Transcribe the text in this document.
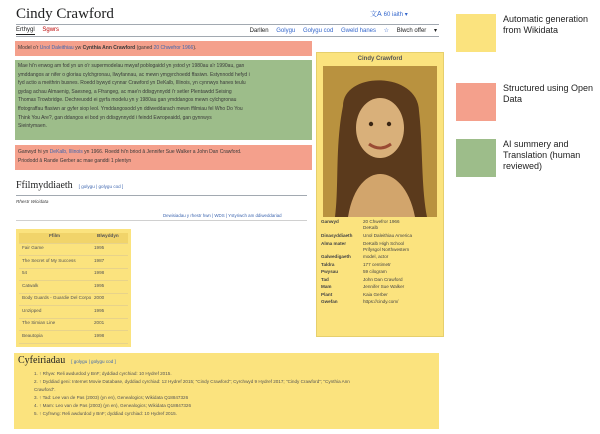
Cindy Crawford	文A 60 iaith ▾
Erthygl Sgwrs	Darllen Golygu Golygu cod Gweld hanes ☆ Blwch offer ▾
Model o'r Unol Daleithiau yw Cynthia Ann Crawford (ganed 20 Chwefror 1966).
Mae hi'n enwog am fod yn un o'r supermodelau mwyaf poblogaidd yn ystod yr 1980au a'r 1990au, gan
ymddangos ar nifer o gloriau cylchgronau, llwyfannau, ac mewn ymgyrchoedd ffasiwn. Estynnodd hefyd i
fyd actio a meithrin busnes. Roedd bywyd cynnar Crawford yn DeKalb, Illinois, yn cynnwys hanes teulu
gydag achau Almaenig, Saesneg, a Ffrangeg, ac mae'n ddisgynnydd i'r setler Plentawdd Seising
Thomas Trowbridge. Dechreuodd ei gyrfa modelu yn y 1980au gan ymddangos mewn cylchgronau
ffotograffau ffasiwn ar gyfer siop leol. Ymddangosodd yn ddiweddarach mewn ffilmiau fel Who Do You
Think You Are?, gan ddangos ei bod yn ddisgynnydd i feindd Ewropeaidd, gan gynnwys
Sieintymaen.
Ganwyd hi yn DeKalb, Illinois yn 1966. Roedd hi'n briod â Jennifer Sue Walker a John Dan Crawford.
Priododd â Rande Gerber ac mae ganddi 1 plentyn
Cindy Crawford
Ganwyd	20 Chwefror 1966
DeKalb
Dinasyddiaeth	Unol Daleithiau America
Alma mater	DeKalb High School
Prifysgol Northwestern
Galwedigaeth	model, actor
Taldra	177 centimetr
Pwysau	59 cilogram
Tad	John Dan Crawford
Mam	Jennifer Sue Walker
Plant	Kaia Gerber
Gwefan	https://cindy.com/
Ffilmyddiaeth [ golygu | golygu cod ]
Rhestr Wicidata
Dewisiadau y rhestr hwn | WDS | Ystyriwch am ddiweddariad
Ffilm	Blwyddyn
Fair Game	1995
The Secret of My Success	1987
54	1998
Catwalk	1995
Body Guards - Guardie Del Corpo 2000
Unzipped	1995
The Simian Line	2001
Beautopia	1998
Cyfeiriadau [ golygu | golygu cod ]
1. ↑ Rhyw: Reli awdurdod y BnF; dyddiad cyrchiad: 10 Hydref 2015.
2. ↑ Dyddiad geni: Internet Movie Database, dyddiad cyrchiad: 12 Hydref 2015; "Cindy Crawford"; Cyrchwyd 9 Hydref 2017; "Cindy Crawford"; "Cynthia Ann
Crawford".
3. ↑ Tad: Lee van de Pas (2003) (yn en), Genealogics; Wikidata Q18847326
4. ↑ Mam: Leo van de Pas (2003) (yn en), Genealogics; Wikidata Q18847326
5. ↑ Cyfrwng: Reli awdurdod y BnF; dyddiad cyrchiad: 10 Hydref 2015.
Automatic generation from Wikidata
Structured using Open Data
AI summery and Translation (human reviewed)
